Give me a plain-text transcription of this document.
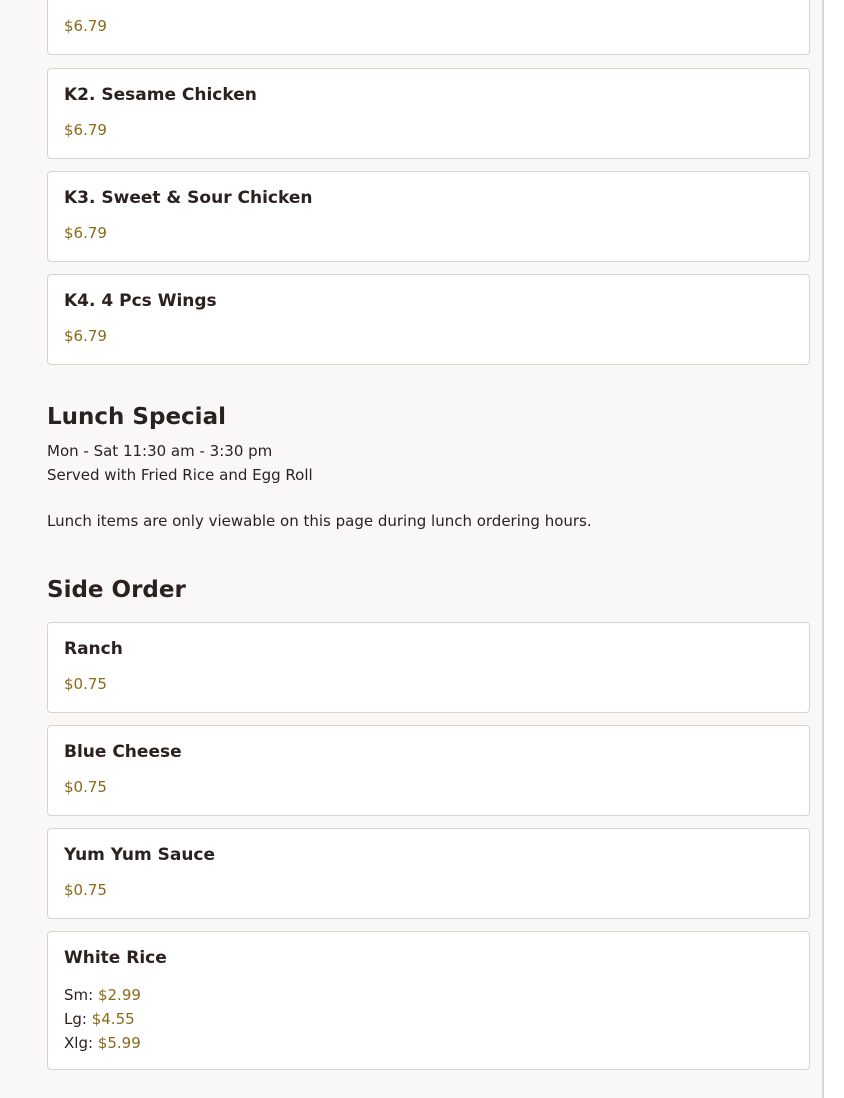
$6.79
K2. Sesame Chicken
$6.79
K3. Sweet & Sour Chicken
$6.79
K4. 4 Pcs Wings
$6.79
Lunch Special
Mon - Sat 11:30 am - 3:30 pm
Served with Fried Rice and Egg Roll
Lunch items are only viewable on this page during lunch ordering hours.
Side Order
Ranch
$0.75
Blue Cheese
$0.75
Yum Yum Sauce
$0.75
White Rice
Sm: $2.99
Lg: $4.55
Xlg: $5.99
